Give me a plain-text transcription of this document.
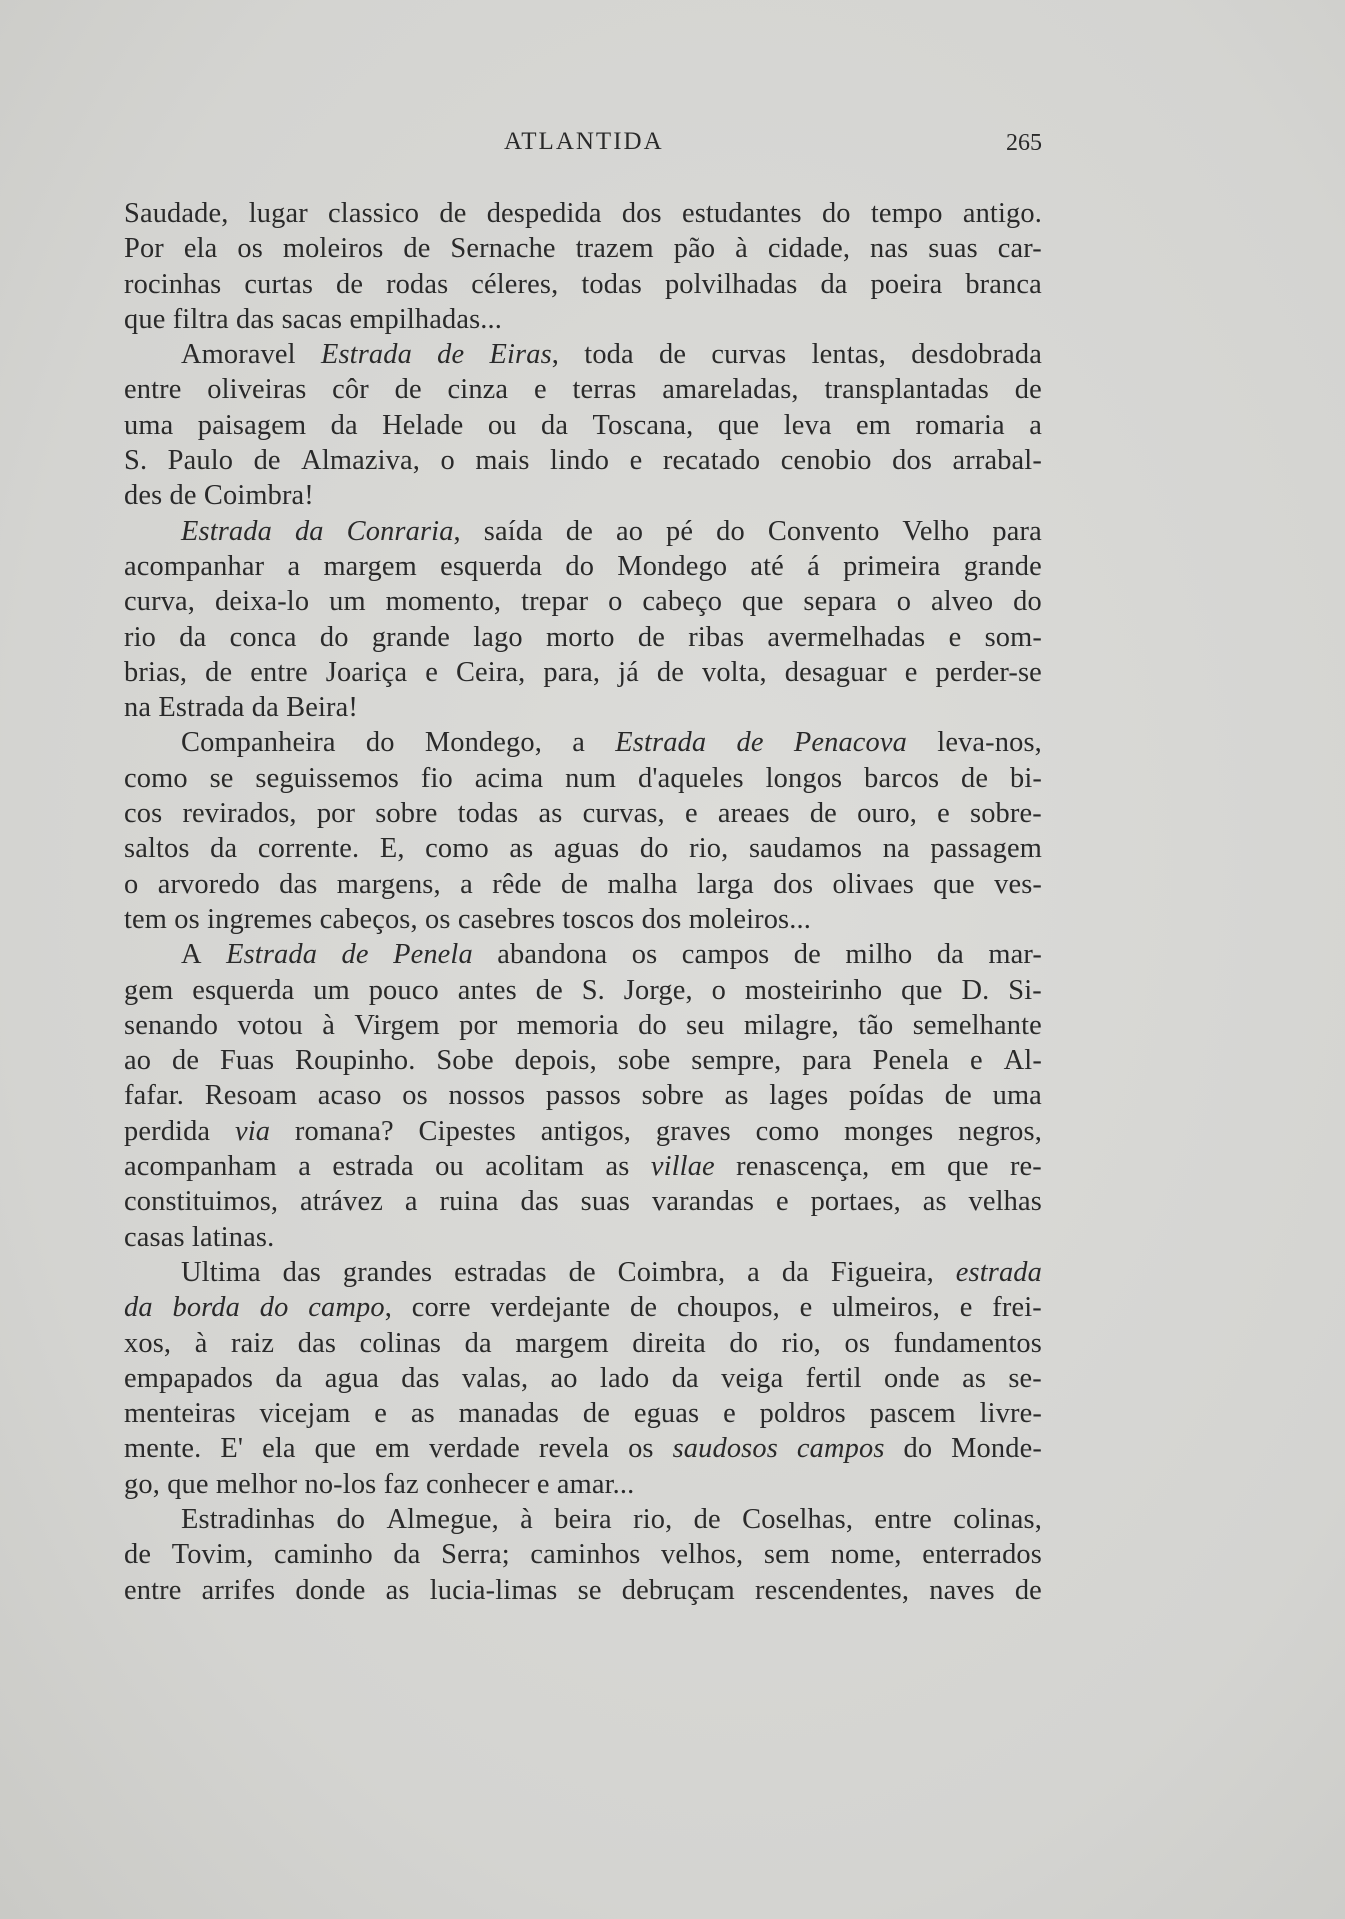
ATLANTIDA	265
Saudade, lugar classico de despedida dos estudantes do tempo antigo.
Por ela os moleiros de Sernache trazem pão à cidade, nas suas car-
rocinhas curtas de rodas céleres, todas polvilhadas da poeira branca
que filtra das sacas empilhadas...
Amoravel Estrada de Eiras, toda de curvas lentas, desdobrada
entre oliveiras côr de cinza e terras amareladas, transplantadas de
uma paisagem da Helade ou da Toscana, que leva em romaria a
S. Paulo de Almaziva, o mais lindo e recatado cenobio dos arrabal-
des de Coimbra!
Estrada da Conraria, saída de ao pé do Convento Velho para
acompanhar a margem esquerda do Mondego até á primeira grande
curva, deixa-lo um momento, trepar o cabeço que separa o alveo do
rio da conca do grande lago morto de ribas avermelhadas e som-
brias, de entre Joariça e Ceira, para, já de volta, desaguar e perder-se
na Estrada da Beira!
Companheira do Mondego, a Estrada de Penacova leva-nos,
como se seguissemos fio acima num d'aqueles longos barcos de bi-
cos revirados, por sobre todas as curvas, e areaes de ouro, e sobre-
saltos da corrente. E, como as aguas do rio, saudamos na passagem
o arvoredo das margens, a rêde de malha larga dos olivaes que ves-
tem os ingremes cabeços, os casebres toscos dos moleiros...
A Estrada de Penela abandona os campos de milho da mar-
gem esquerda um pouco antes de S. Jorge, o mosteirinho que D. Si-
senando votou à Virgem por memoria do seu milagre, tão semelhante
ao de Fuas Roupinho. Sobe depois, sobe sempre, para Penela e Al-
fafar. Resoam acaso os nossos passos sobre as lages poídas de uma
perdida via romana? Cipestes antigos, graves como monges negros,
acompanham a estrada ou acolitam as villae renascença, em que re-
constituimos, atrávez a ruina das suas varandas e portaes, as velhas
casas latinas.
Ultima das grandes estradas de Coimbra, a da Figueira, estrada
da borda do campo, corre verdejante de choupos, e ulmeiros, e frei-
xos, à raiz das colinas da margem direita do rio, os fundamentos
empapados da agua das valas, ao lado da veiga fertil onde as se-
menteiras vicejam e as manadas de eguas e poldros pascem livre-
mente. E' ela que em verdade revela os saudosos campos do Monde-
go, que melhor no-los faz conhecer e amar...
Estradinhas do Almegue, à beira rio, de Coselhas, entre colinas,
de Tovim, caminho da Serra; caminhos velhos, sem nome, enterrados
entre arrifes donde as lucia-limas se debruçam rescendentes, naves de
